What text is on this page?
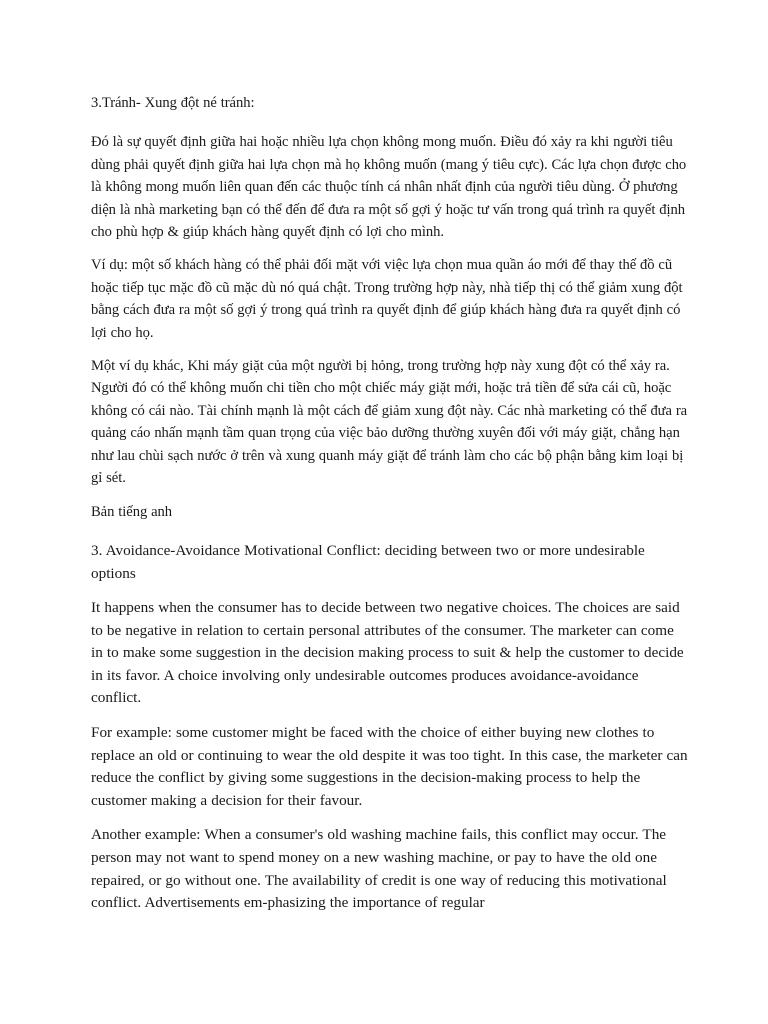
3.Tránh- Xung đột né tránh:

Đó là sự quyết định giữa hai hoặc nhiều lựa chọn không mong muốn. Điều đó xảy ra khi người tiêu dùng phải quyết định giữa hai lựa chọn mà họ không muốn (mang ý tiêu cực). Các lựa chọn được cho là không mong muốn liên quan đến các thuộc tính cá nhân nhất định của người tiêu dùng. Ở phương diện là nhà marketing bạn có thể đến để đưa ra một số gợi ý hoặc tư vấn trong quá trình ra quyết định cho phù hợp & giúp khách hàng quyết định có lợi cho mình.

Ví dụ: một số khách hàng có thể phải đối mặt với việc lựa chọn mua quần áo mới để thay thế đồ cũ hoặc tiếp tục mặc đồ cũ mặc dù nó quá chật. Trong trường hợp này, nhà tiếp thị có thể giảm xung đột bằng cách đưa ra một số gợi ý trong quá trình ra quyết định để giúp khách hàng đưa ra quyết định có lợi cho họ.

Một ví dụ khác, Khi máy giặt của một người bị hỏng, trong trường hợp này xung đột có thể xảy ra. Người đó có thể không muốn chi tiền cho một chiếc máy giặt mới, hoặc trả tiền để sửa cái cũ, hoặc không có cái nào. Tài chính mạnh là một cách để giảm xung đột này. Các nhà marketing có thể đưa ra quảng cáo nhấn mạnh tầm quan trọng của việc bảo dưỡng thường xuyên đối với máy giặt, chẳng hạn như lau chùi sạch nước ở trên và xung quanh máy giặt để tránh làm cho các bộ phận bằng kim loại bị gỉ sét.

Bản tiếng anh

3. Avoidance-Avoidance Motivational Conflict: deciding between two or more undesirable options

It happens when the consumer has to decide between two negative choices. The choices are said to be negative in relation to certain personal attributes of the consumer. The marketer can come in to make some suggestion in the decision making process to suit & help the customer to decide in its favor. A choice involving only undesirable outcomes produces avoidance-avoidance conflict.

For example: some customer might be faced with the choice of either buying new clothes to replace an old or continuing to wear the old despite it was too tight. In this case, the marketer can reduce the conflict by giving some suggestions in the decision-making process to help the customer making a decision for their favour.

Another example: When a consumer's old washing machine fails, this conflict may occur. The person may not want to spend money on a new washing machine, or pay to have the old one repaired, or go without one. The availability of credit is one way of reducing this motivational conflict. Advertisements em-phasizing the importance of regular
